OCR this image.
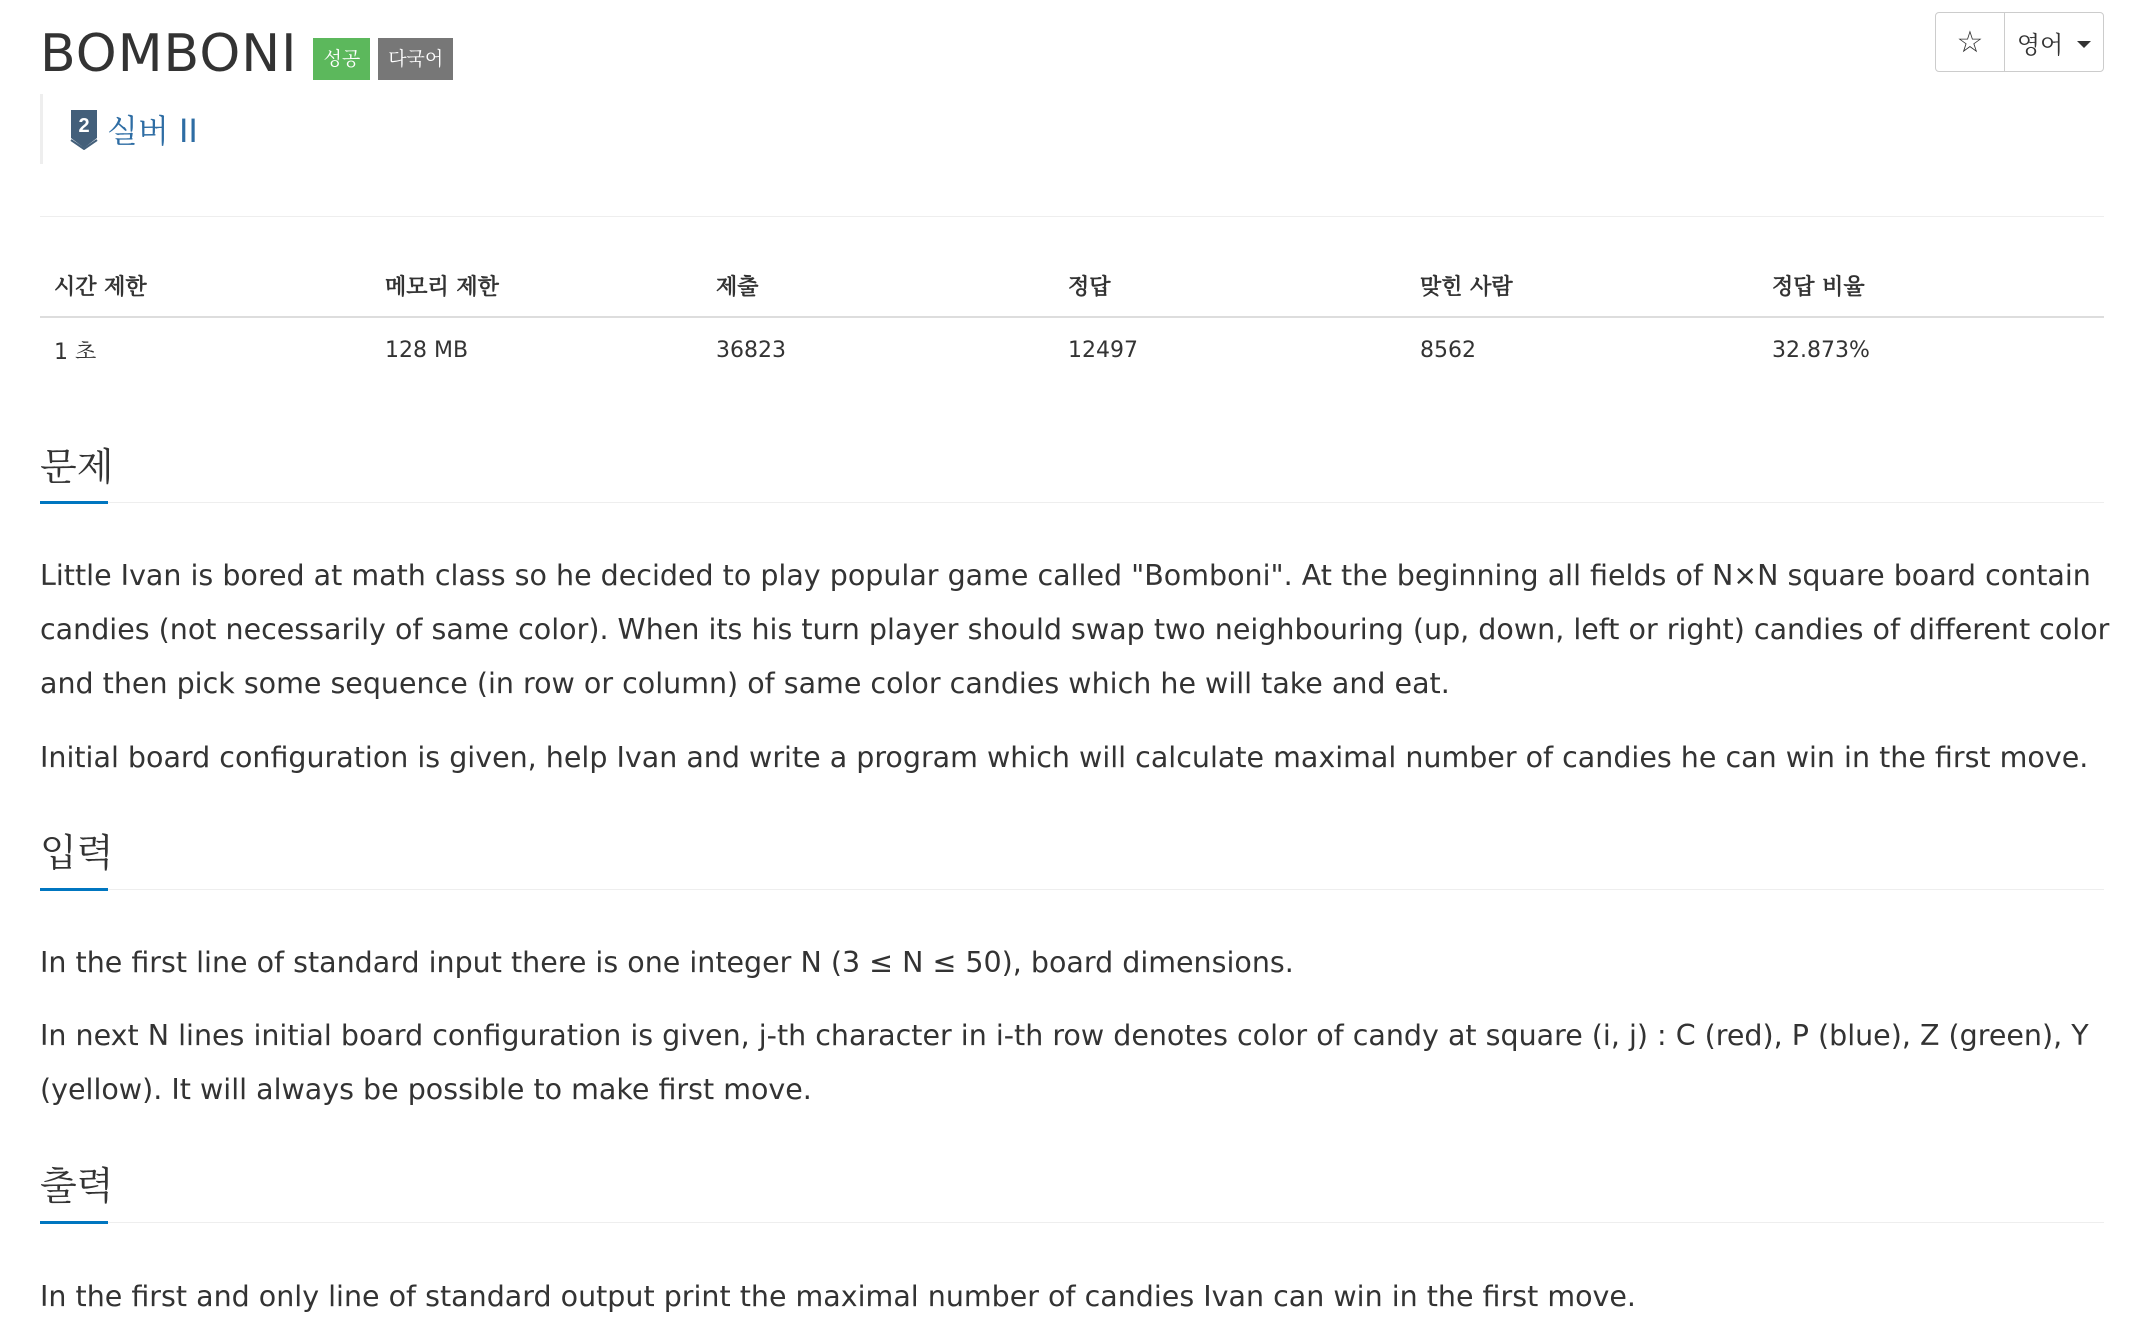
BOMBONI	성공	다국어
2 실버 II
☆ 영어
시간 제한	메모리 제한	제출	정답	맞힌 사람	정답 비율
1 초	128 MB	36823	12497	8562	32.873%
문제

Little Ivan is bored at math class so he decided to play popular game called "Bomboni". At the beginning all fields of N×N square board contain candies (not necessarily of same color). When its his turn player should swap two neighbouring (up, down, left or right) candies of different color and then pick some sequence (in row or column) of same color candies which he will take and eat.

Initial board configuration is given, help Ivan and write a program which will calculate maximal number of candies he can win in the first move.

입력

In the first line of standard input there is one integer N (3 ≤ N ≤ 50), board dimensions.

In next N lines initial board configuration is given, j-th character in i-th row denotes color of candy at square (i, j) : C (red), P (blue), Z (green), Y (yellow). It will always be possible to make first move.

출력

In the first and only line of standard output print the maximal number of candies Ivan can win in the first move.
